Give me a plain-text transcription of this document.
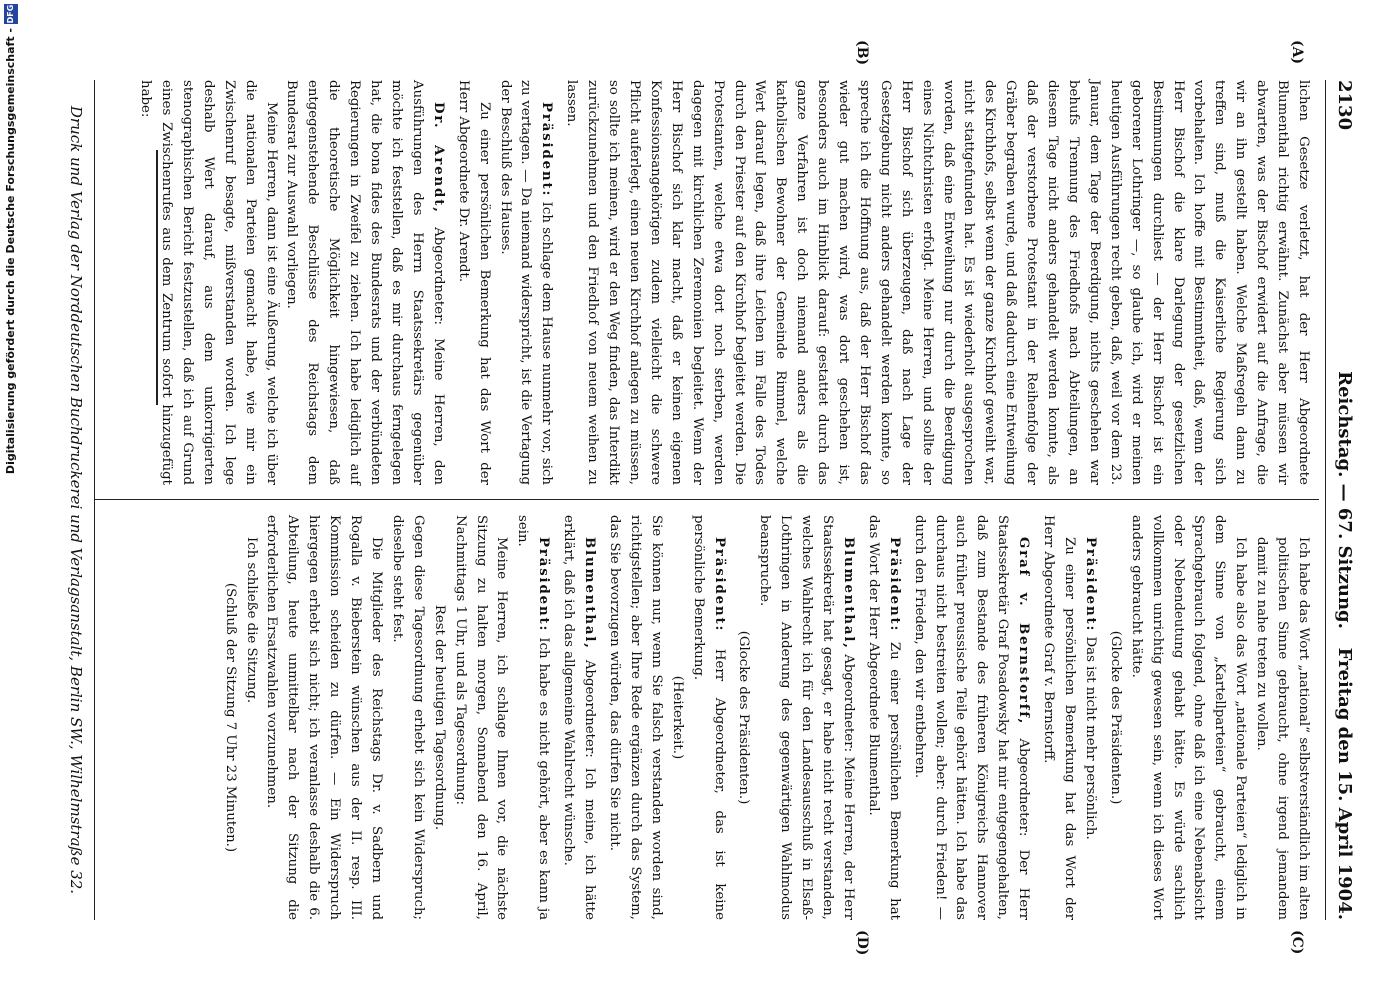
2130
Reichstag. — 67. Sitzung.
Freitag den 15. April 1904.
(A)
(B)
(C)
(D)

lichen Gesetze verletzt, hat der Herr Abgeordnete Blumenthal richtig erwähnt. Zunächst aber müssen wir abwarten, was der Bischof erwidert auf die Anfrage, die wir an ihn gestellt haben. Welche Maßregeln dann zu treffen sind, muß die Kaiserliche Regierung sich vorbehalten. Ich hoffe mit Bestimmtheit, daß, wenn der Herr Bischof die klare Darlegung der gesetzlichen Bestimmungen durchliest — der Herr Bischof ist ein geborener Lothringer —, so glaube ich, wird er meinen heutigen Ausführungen recht geben, daß, weil vor dem 23. Januar, dem Tage der Beerdigung, nichts geschehen war behufs Trennung des Friedhofs nach Abteilungen, an diesem Tage nicht anders gehandelt werden konnte, als daß der verstorbene Protestant in der Reihenfolge der Gräber begraben wurde, und daß dadurch eine Entweihung des Kirchhofs, selbst wenn der ganze Kirchhof geweiht war, nicht stattgefunden hat. Es ist wiederholt ausgesprochen worden, daß eine Entweihung nur durch die Beerdigung eines Nichtchristen erfolgt. Meine Herren, und sollte der Herr Bischof sich überzeugen, daß nach Lage der Gesetzgebung nicht anders gehandelt werden konnte, so spreche ich die Hoffnung aus, daß der Herr Bischof das wieder gut machen wird, was dort geschehen ist, besonders auch im Hinblick darauf: gestattet durch das ganze Verfahren ist doch niemand anders als die katholischen Bewohner der Gemeinde Rimmel, welche Wert darauf legen, daß ihre Leichen im Falle des Todes durch den Priester auf den Kirchhof begleitet werden. Die Protestanten, welche etwa dort noch sterben, werden dagegen mit kirchlichen Zeremonien begleitet. Wenn der Herr Bischof sich klar macht, daß er keinen eigenen Konfessionsangehörigen zudem vielleicht die schwere Pflicht auferlegt, einen neuen Kirchhof anlegen zu müssen, so sollte ich meinen, wird er den Weg finden, das Interdikt zurückzunehmen und den Friedhof von neuem weihen zu lassen.

Präsident: Ich schlage dem Hause nunmehr vor, sich zu vertagen. — Da niemand widerspricht, ist die Vertagung der Beschluß des Hauses.

Zu einer persönlichen Bemerkung hat das Wort der Herr Abgeordnete Dr. Arendt.

Dr. Arendt, Abgeordneter: Meine Herren, den Ausführungen des Herrn Staatssekretärs gegenüber möchte ich feststellen, daß es mir durchaus ferngelegen hat, die bona fides des Bundesrats und der verbündeten Regierungen in Zweifel zu ziehen. Ich habe lediglich auf die theoretische Möglichkeit hingewiesen, daß entgegenstehende Beschlüsse des Reichstags dem Bundesrat zur Auswahl vorliegen.

Meine Herren, dann ist eine Äußerung, welche ich über die nationalen Parteien gemacht habe, wie mir ein Zwischenruf besagte, mißverstanden worden. Ich lege deshalb Wert darauf, aus dem unkorrigierten stenographischen Bericht festzustellen, daß ich auf Grund eines Zwischenrufes aus dem Zentrum sofort hinzugefügt habe:

Ich habe das Wort „national“ selbstverständlich im alten politischen Sinne gebraucht, ohne irgend jemandem damit zu nahe treten zu wollen.

Ich habe also das Wort „nationale Parteien“ lediglich in dem Sinne von „Kartellparteien“ gebraucht, einem Sprachgebrauch folgend, ohne daß ich eine Nebenabsicht oder Nebendeutung gehabt hätte. Es würde sachlich vollkommen unrichtig gewesen sein, wenn ich dieses Wort anders gebraucht hätte.

(Glocke des Präsidenten.)

Präsident: Das ist nicht mehr persönlich.

Zu einer persönlichen Bemerkung hat das Wort der Herr Abgeordnete Graf v. Bernstorff.

Graf v. Bernstorff, Abgeordneter: Der Herr Staatssekretär Graf Posadowsky hat mir entgegengehalten, daß zum Bestande des früheren Königreichs Hannover auch früher preussische Teile gehört hätten. Ich habe das durchaus nicht bestreiten wollen; aber: durch Frieden! — durch den Frieden, den wir entbehren.

Präsident: Zu einer persönlichen Bemerkung hat das Wort der Herr Abgeordnete Blumenthal.

Blumenthal, Abgeordneter: Meine Herren, der Herr Staatssekretär hat gesagt, er habe nicht recht verstanden, welches Wahlrecht ich für den Landesausschuß in Elsaß-Lothringen in Anderung des gegenwärtigen Wahlmodus beanspruche.

(Glocke des Präsidenten.)

Präsident: Herr Abgeordneter, das ist keine persönliche Bemerkung.

(Heiterkeit.)

Sie können nur, wenn Sie falsch verstanden worden sind, richtigstellen; aber Ihre Rede ergänzen durch das System, das Sie bevorzugen würden, das dürfen Sie nicht.

Blumenthal, Abgeordneter: Ich meine, ich hätte erklärt, daß ich das allgemeine Wahlrecht wünsche.

Präsident: Ich habe es nicht gehört, aber es kann ja sein.

Meine Herren, ich schlage Ihnen vor, die nächste Sitzung zu halten morgen, Sonnabend den 16. April, Nachmittags 1 Uhr, und als Tagesordnung:

Rest der heutigen Tagesordnung.

Gegen diese Tagesordnung erhebt sich kein Widerspruch; dieselbe steht fest.

Die Mitglieder des Reichstags Dr. v. Sadbern und Rogalla v. Bieberstein wünschen aus der II. resp. III. Kommission scheiden zu dürfen. — Ein Widerspruch hiergegen erhebt sich nicht; ich veranlasse deshalb die 6. Abteilung, heute unmittelbar nach der Sitzung die erforderlichen Ersatzwahlen vorzunehmen.

Ich schließe die Sitzung.

(Schluß der Sitzung 7 Uhr 23 Minuten.)

Druck und Verlag der Norddeutschen Buchdruckerei und Verlagsanstalt, Berlin SW., Wilhelmstraße 32.
Digitalisierung gefördert durch die Deutsche Forschungsgemeinschaft -
DFG
